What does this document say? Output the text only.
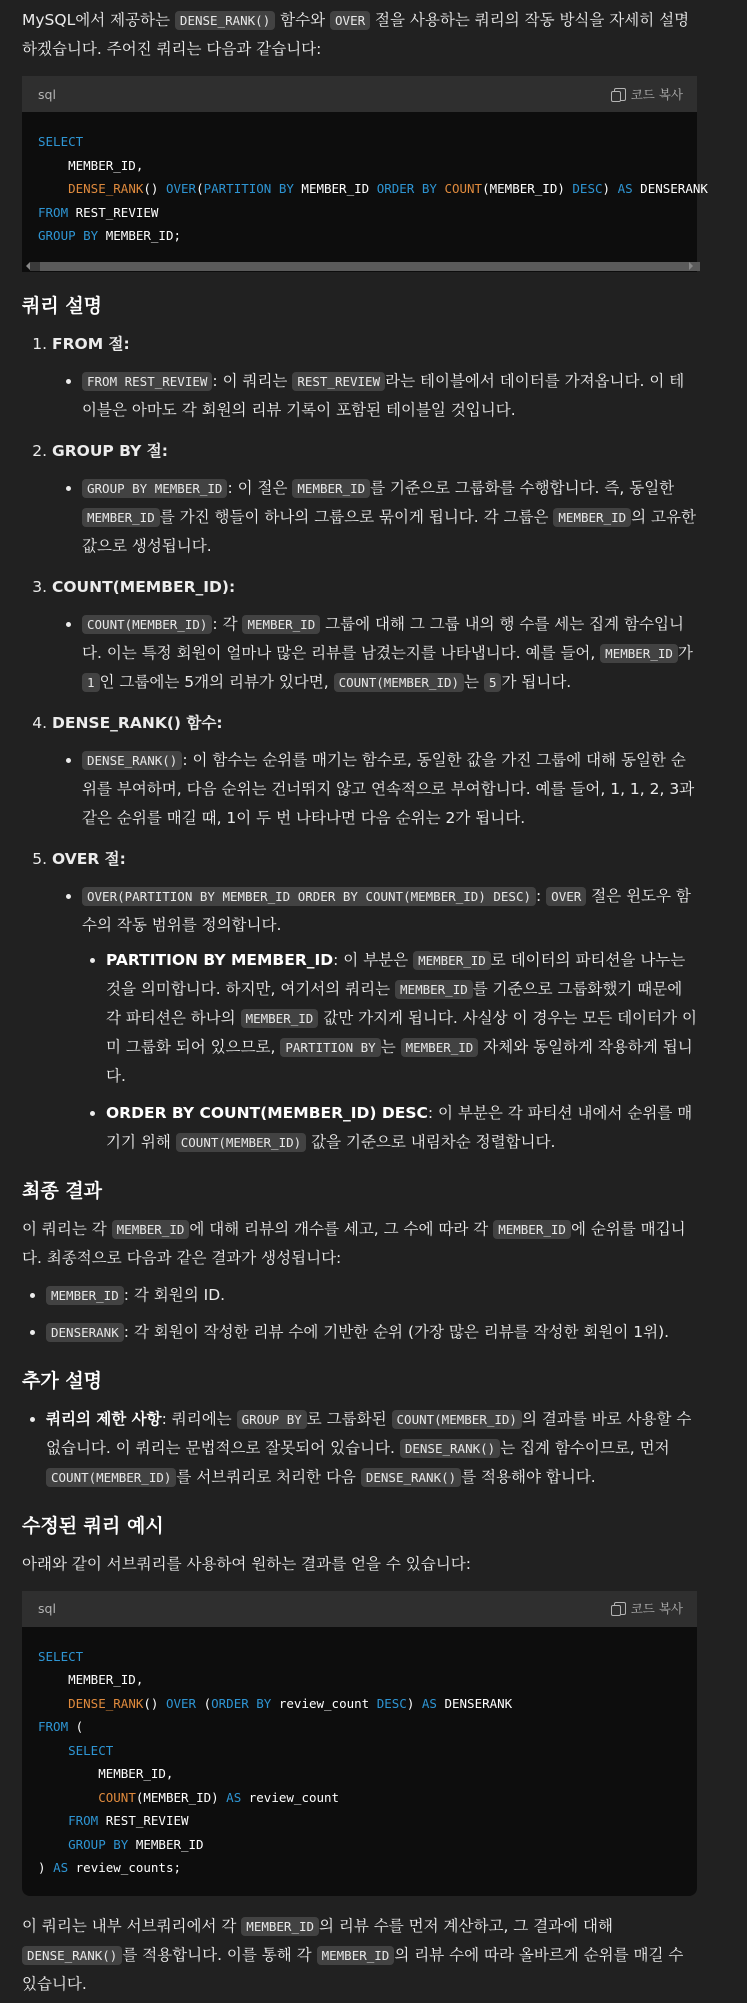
MySQL에서 제공하는 DENSE_RANK() 함수와 OVER 절을 사용하는 쿼리의 작동 방식을 자세히 설명하겠습니다. 주어진 쿼리는 다음과 같습니다:

sql	코드 복사
SELECT
MEMBER_ID,
DENSE_RANK() OVER(PARTITION BY MEMBER_ID ORDER BY COUNT(MEMBER_ID) DESC) AS DENSERANK
FROM REST_REVIEW
GROUP BY MEMBER_ID;
쿼리 설명

1. FROM 절:

• FROM REST_REVIEW : 이 쿼리는 REST_REVIEW 라는 테이블에서 데이터를 가져옵니다. 이 테이블은 아마도 각 회원의 리뷰 기록이 포함된 테이블일 것입니다.

2. GROUP BY 절:

• GROUP BY MEMBER_ID : 이 절은 MEMBER_ID 를 기준으로 그룹화를 수행합니다. 즉, 동일한 MEMBER_ID 를 가진 행들이 하나의 그룹으로 묶이게 됩니다. 각 그룹은 MEMBER_ID 의 고유한 값으로 생성됩니다.

3. COUNT(MEMBER_ID):

• COUNT(MEMBER_ID) : 각 MEMBER_ID 그룹에 대해 그 그룹 내의 행 수를 세는 집계 함수입니다. 이는 특정 회원이 얼마나 많은 리뷰를 남겼는지를 나타냅니다. 예를 들어, MEMBER_ID 가 1 인 그룹에는 5개의 리뷰가 있다면, COUNT(MEMBER_ID) 는 5 가 됩니다.

4. DENSE_RANK() 함수:

• DENSE_RANK() : 이 함수는 순위를 매기는 함수로, 동일한 값을 가진 그룹에 대해 동일한 순위를 부여하며, 다음 순위는 건너뛰지 않고 연속적으로 부여합니다. 예를 들어, 1, 1, 2, 3과 같은 순위를 매길 때, 1이 두 번 나타나면 다음 순위는 2가 됩니다.

5. OVER 절:

• OVER(PARTITION BY MEMBER_ID ORDER BY COUNT(MEMBER_ID) DESC) : OVER 절은 윈도우 함수의 작동 범위를 정의합니다.
• PARTITION BY MEMBER_ID: 이 부분은 MEMBER_ID 로 데이터의 파티션을 나누는 것을 의미합니다. 하지만, 여기서의 쿼리는 MEMBER_ID 를 기준으로 그룹화했기 때문에 각 파티션은 하나의 MEMBER_ID 값만 가지게 됩니다. 사실상 이 경우는 모든 데이터가 이미 그룹화 되어 있으므로, PARTITION BY 는 MEMBER_ID 자체와 동일하게 작용하게 됩니다.
• ORDER BY COUNT(MEMBER_ID) DESC: 이 부분은 각 파티션 내에서 순위를 매기기 위해 COUNT(MEMBER_ID) 값을 기준으로 내림차순 정렬합니다.
최종 결과

이 쿼리는 각 MEMBER_ID 에 대해 리뷰의 개수를 세고, 그 수에 따라 각 MEMBER_ID 에 순위를 매깁니다. 최종적으로 다음과 같은 결과가 생성됩니다:

• MEMBER_ID : 각 회원의 ID.
• DENSERANK : 각 회원이 작성한 리뷰 수에 기반한 순위 (가장 많은 리뷰를 작성한 회원이 1위).
추가 설명
• 쿼리의 제한 사항: 쿼리에는 GROUP BY 로 그룹화된 COUNT(MEMBER_ID) 의 결과를 바로 사용할 수 없습니다. 이 쿼리는 문법적으로 잘못되어 있습니다. DENSE_RANK() 는 집계 함수이므로, 먼저 COUNT(MEMBER_ID) 를 서브쿼리로 처리한 다음 DENSE_RANK() 를 적용해야 합니다.
수정된 쿼리 예시

아래와 같이 서브쿼리를 사용하여 원하는 결과를 얻을 수 있습니다:

sql	코드 복사
SELECT
MEMBER_ID,
DENSE_RANK() OVER (ORDER BY review_count DESC) AS DENSERANK
FROM (
SELECT
MEMBER_ID,
COUNT(MEMBER_ID) AS review_count
FROM REST_REVIEW
GROUP BY MEMBER_ID
) AS review_counts;

이 쿼리는 내부 서브쿼리에서 각 MEMBER_ID 의 리뷰 수를 먼저 계산하고, 그 결과에 대해 DENSE_RANK() 를 적용합니다. 이를 통해 각 MEMBER_ID 의 리뷰 수에 따라 올바르게 순위를 매길 수 있습니다.
